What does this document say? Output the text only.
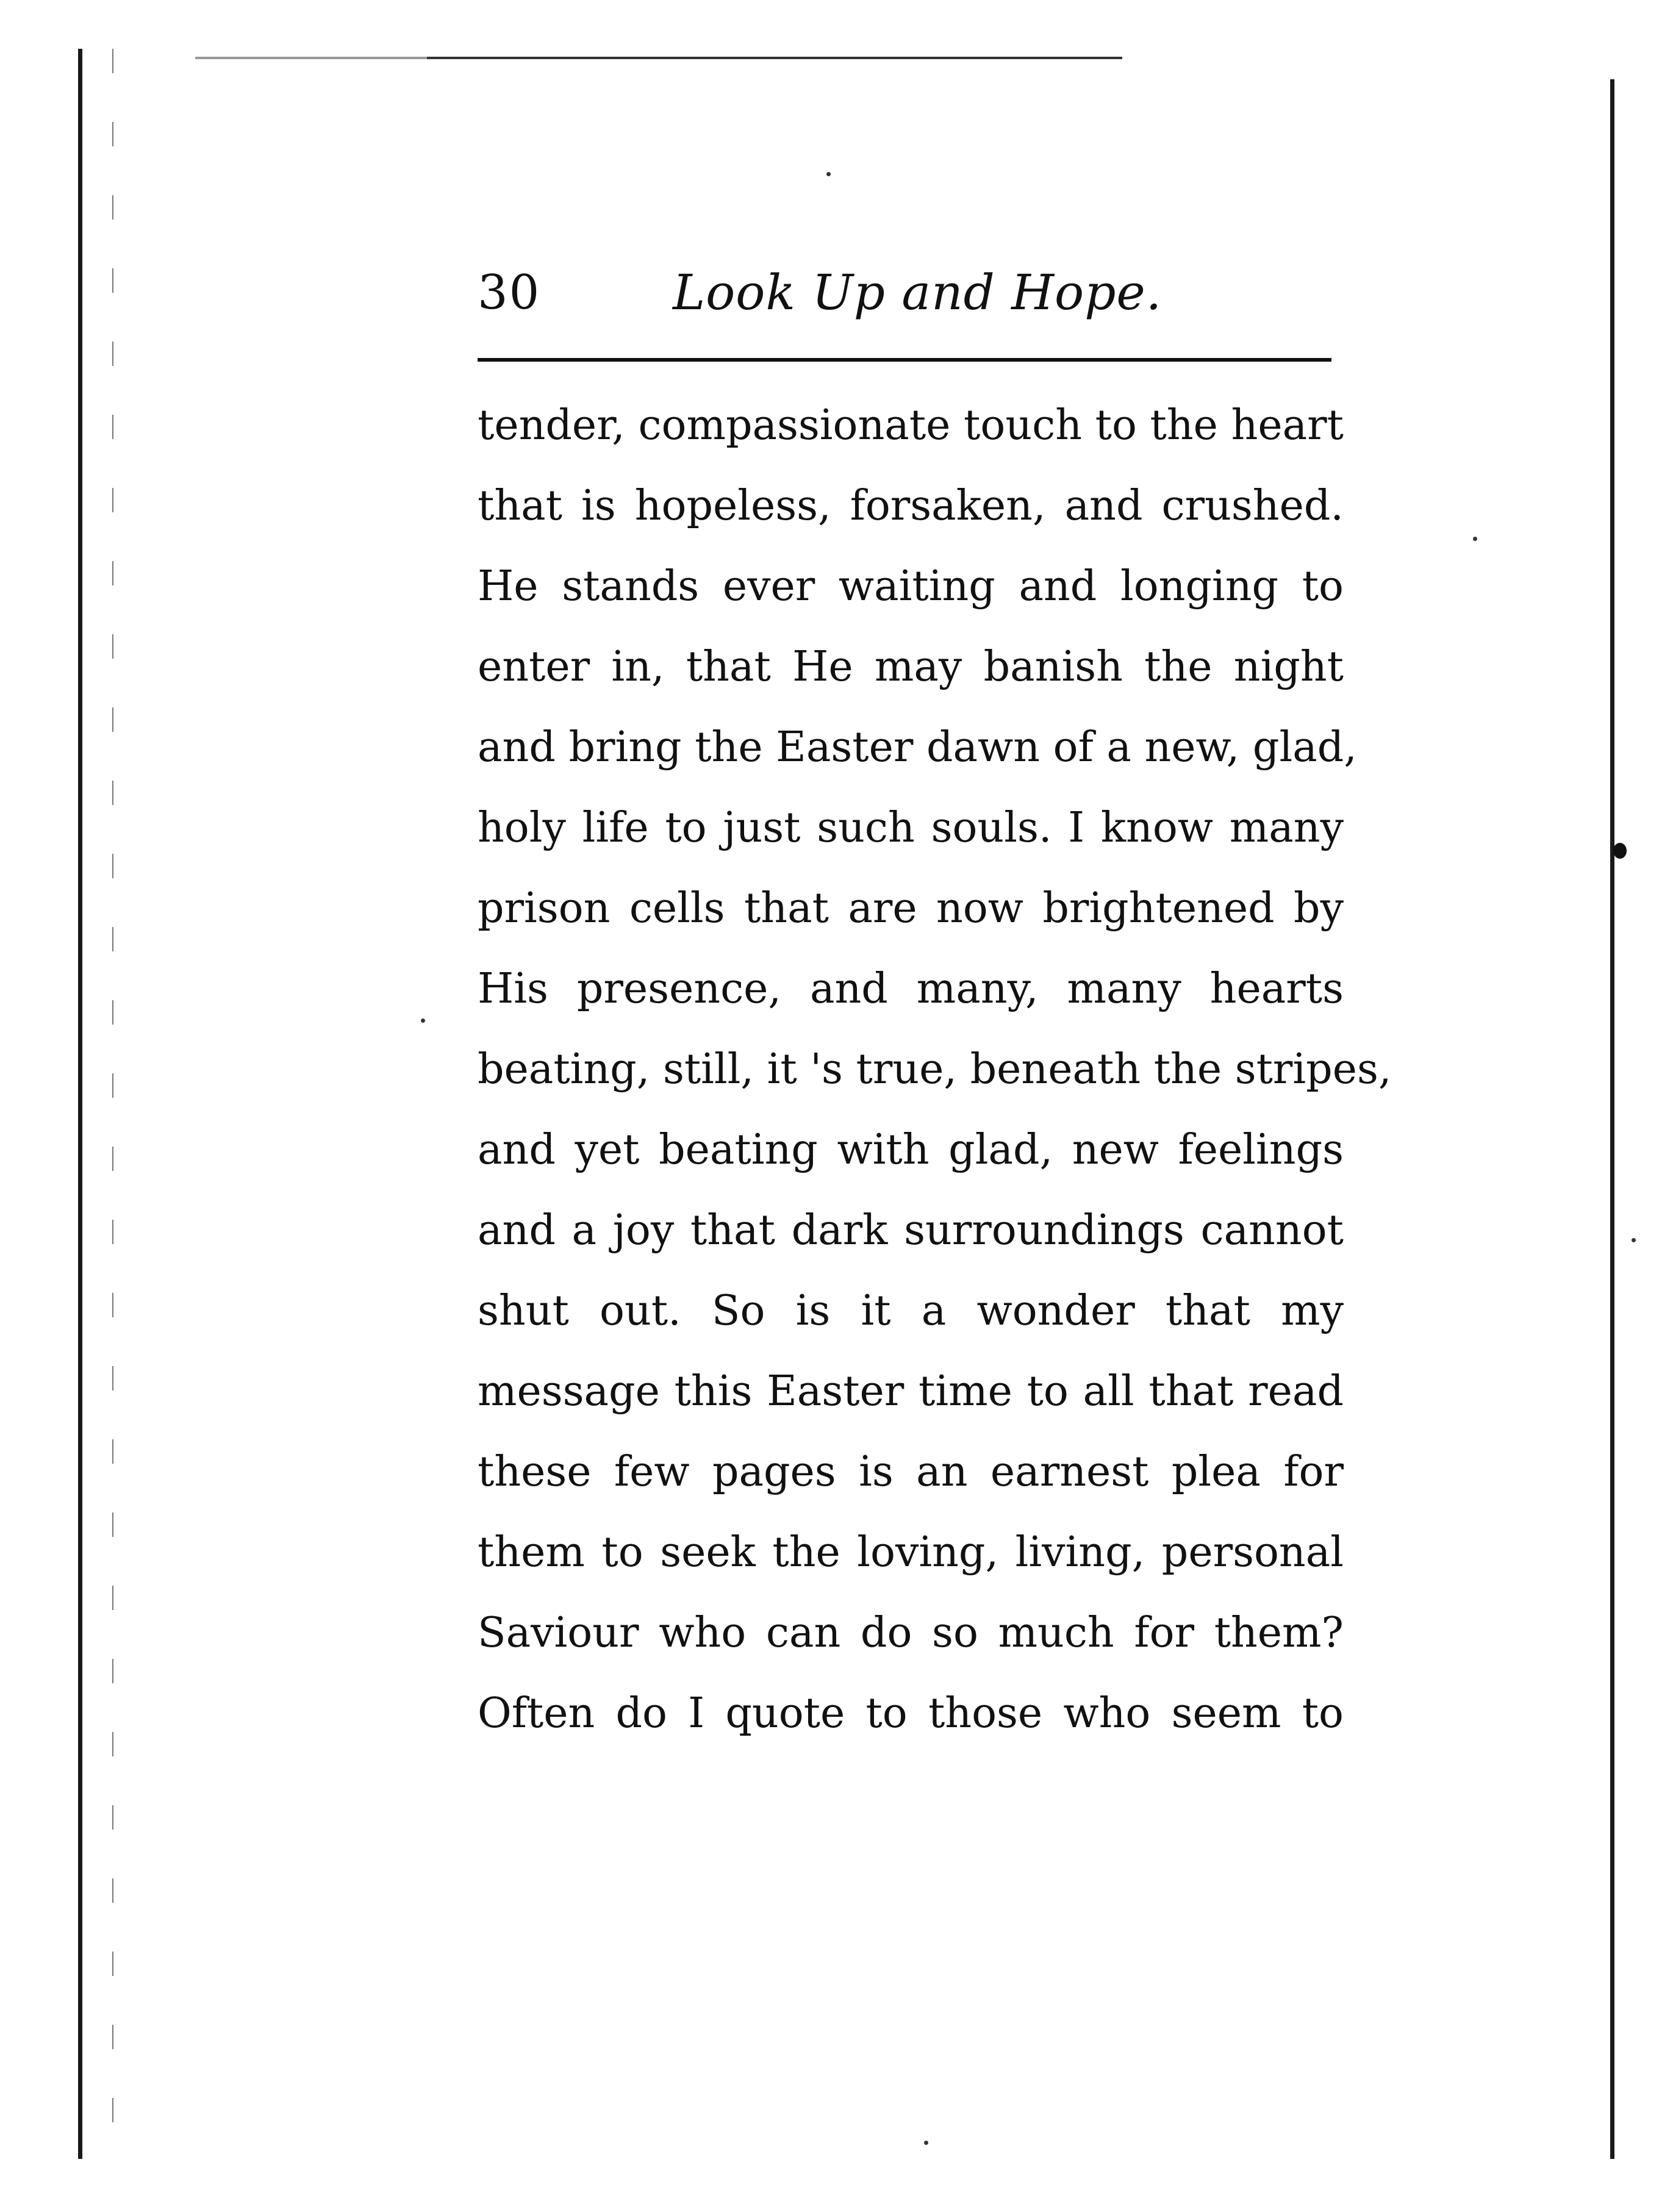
30	Look Up and Hope.
tender, compassionate touch to the heart
that is hopeless, forsaken, and crushed.
He stands ever waiting and longing to
enter in, that He may banish the night
and bring the Easter dawn of a new, glad,
holy life to just such souls. I know many
prison cells that are now brightened by
His presence, and many, many hearts
beating, still, it 's true, beneath the stripes,
and yet beating with glad, new feelings
and a joy that dark surroundings cannot
shut out. So is it a wonder that my
message this Easter time to all that read
these few pages is an earnest plea for
them to seek the loving, living, personal
Saviour who can do so much for them?
Often do I quote to those who seem to
